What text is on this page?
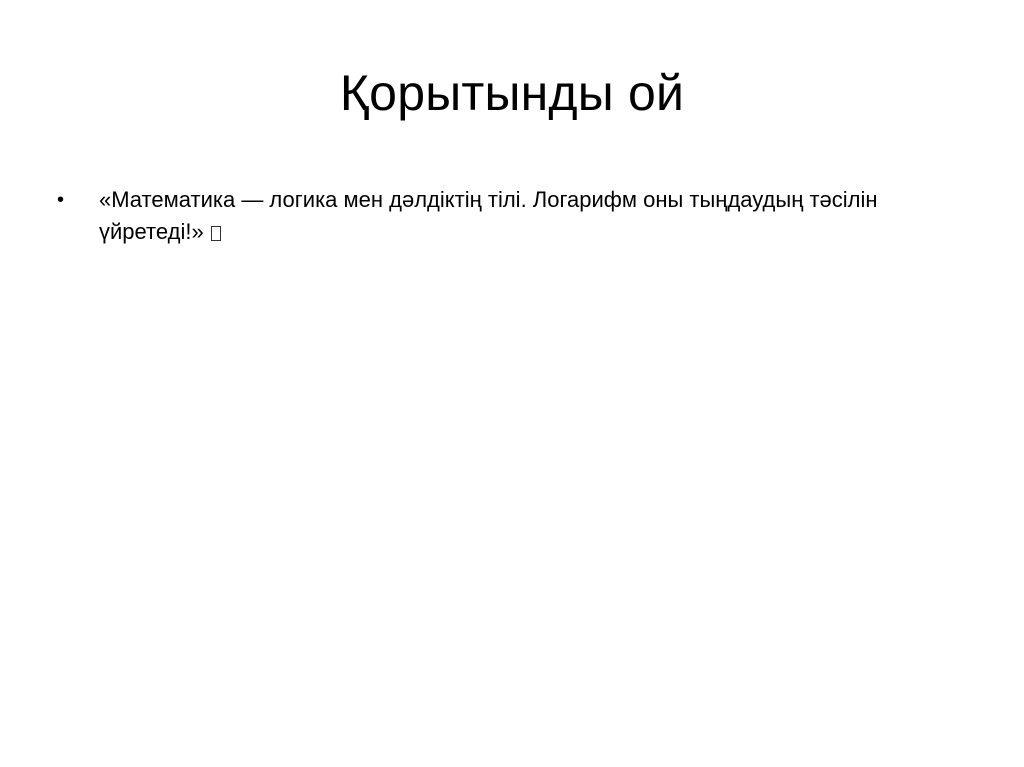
Қорытынды ой
•	«Математика — логика мен дәлдіктің тілі. Логарифм оны тыңдаудың тәсілін үйретеді!»
